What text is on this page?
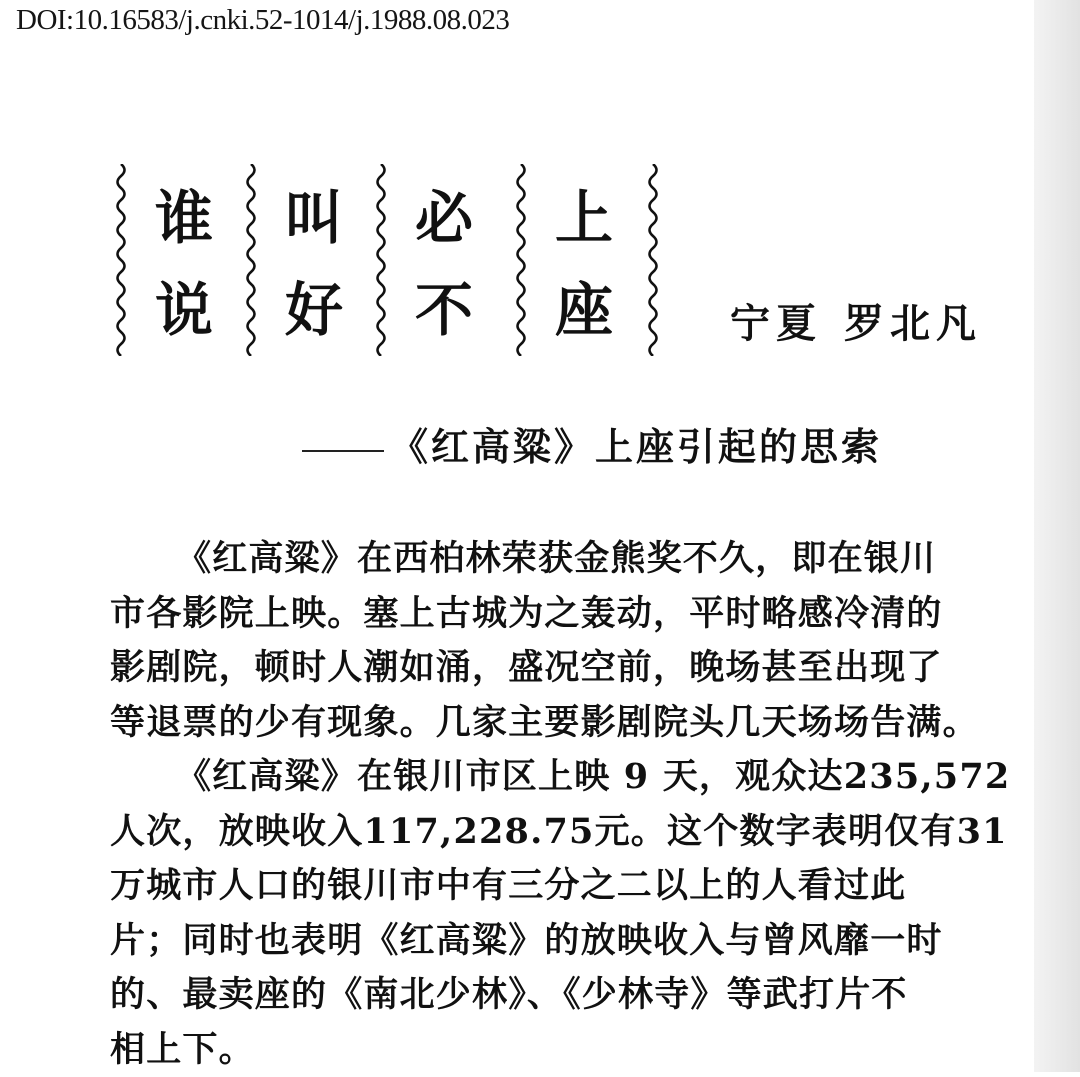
DOI:10.16583/j.cnki.52-1014/j.1988.08.023
谁
说
叫
好
必
不
上
座	宁夏 罗北凡
《红高粱》上座引起的思索
《红高粱》在西柏林荣获金熊奖不久，即在银川
市各影院上映。塞上古城为之轰动，平时略感冷清的
影剧院，顿时人潮如涌，盛况空前，晚场甚至出现了
等退票的少有现象。几家主要影剧院头几天场场告满。
《红高粱》在银川市区上映 9 天，观众达235,572
人次，放映收入117,228.75元。这个数字表明仅有31
万城市人口的银川市中有三分之二以上的人看过此
片；同时也表明《红高粱》的放映收入与曾风靡一时
的、最卖座的《南北少林》、《少林寺》等武打片不
相上下。
